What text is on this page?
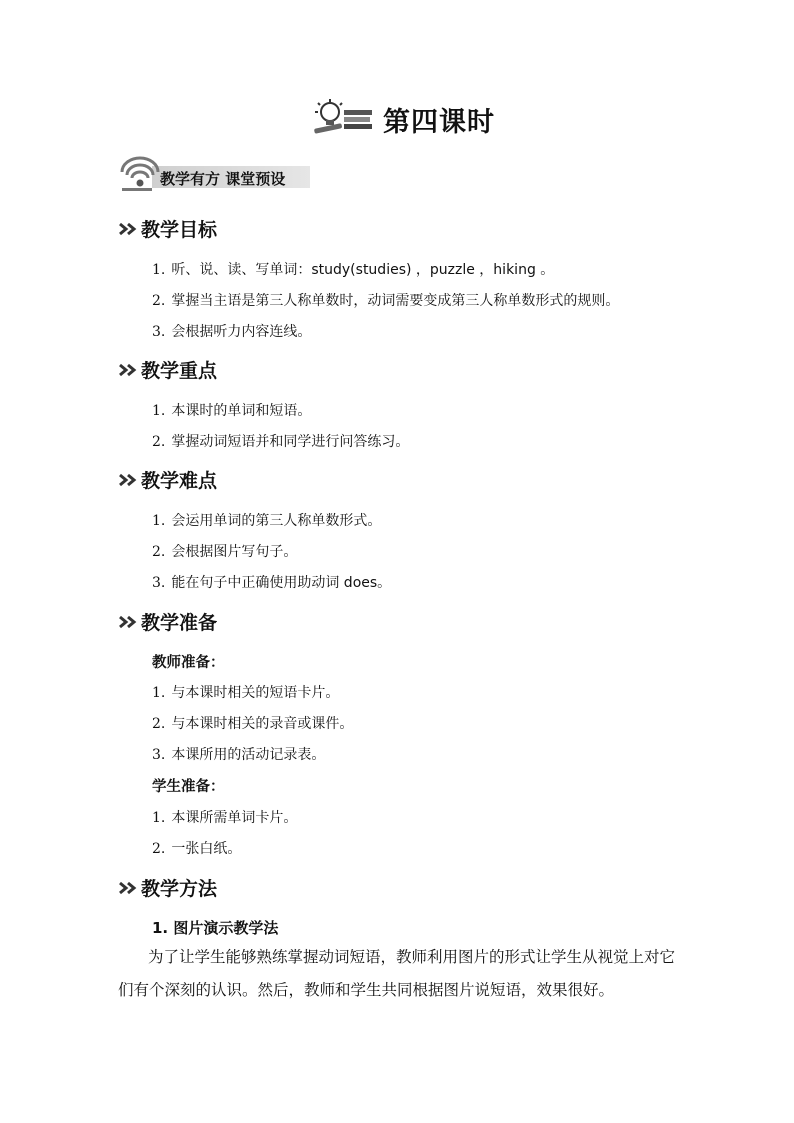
第四课时
教学有方 课堂预设
教学目标
1. 听、说、读、写单词：study(studies) ，puzzle ，hiking 。
2. 掌握当主语是第三人称单数时，动词需要变成第三人称单数形式的规则。
3. 会根据听力内容连线。
教学重点
1. 本课时的单词和短语。
2. 掌握动词短语并和同学进行问答练习。
教学难点
1. 会运用单词的第三人称单数形式。
2. 会根据图片写句子。
3. 能在句子中正确使用助动词 does。
教学准备
教师准备：
1. 与本课时相关的短语卡片。
2. 与本课时相关的录音或课件。
3. 本课所用的活动记录表。
学生准备：
1. 本课所需单词卡片。
2. 一张白纸。
教学方法
1. 图片演示教学法
为了让学生能够熟练掌握动词短语，教师利用图片的形式让学生从视觉上对它们有个深刻的认识。然后，教师和学生共同根据图片说短语，效果很好。
